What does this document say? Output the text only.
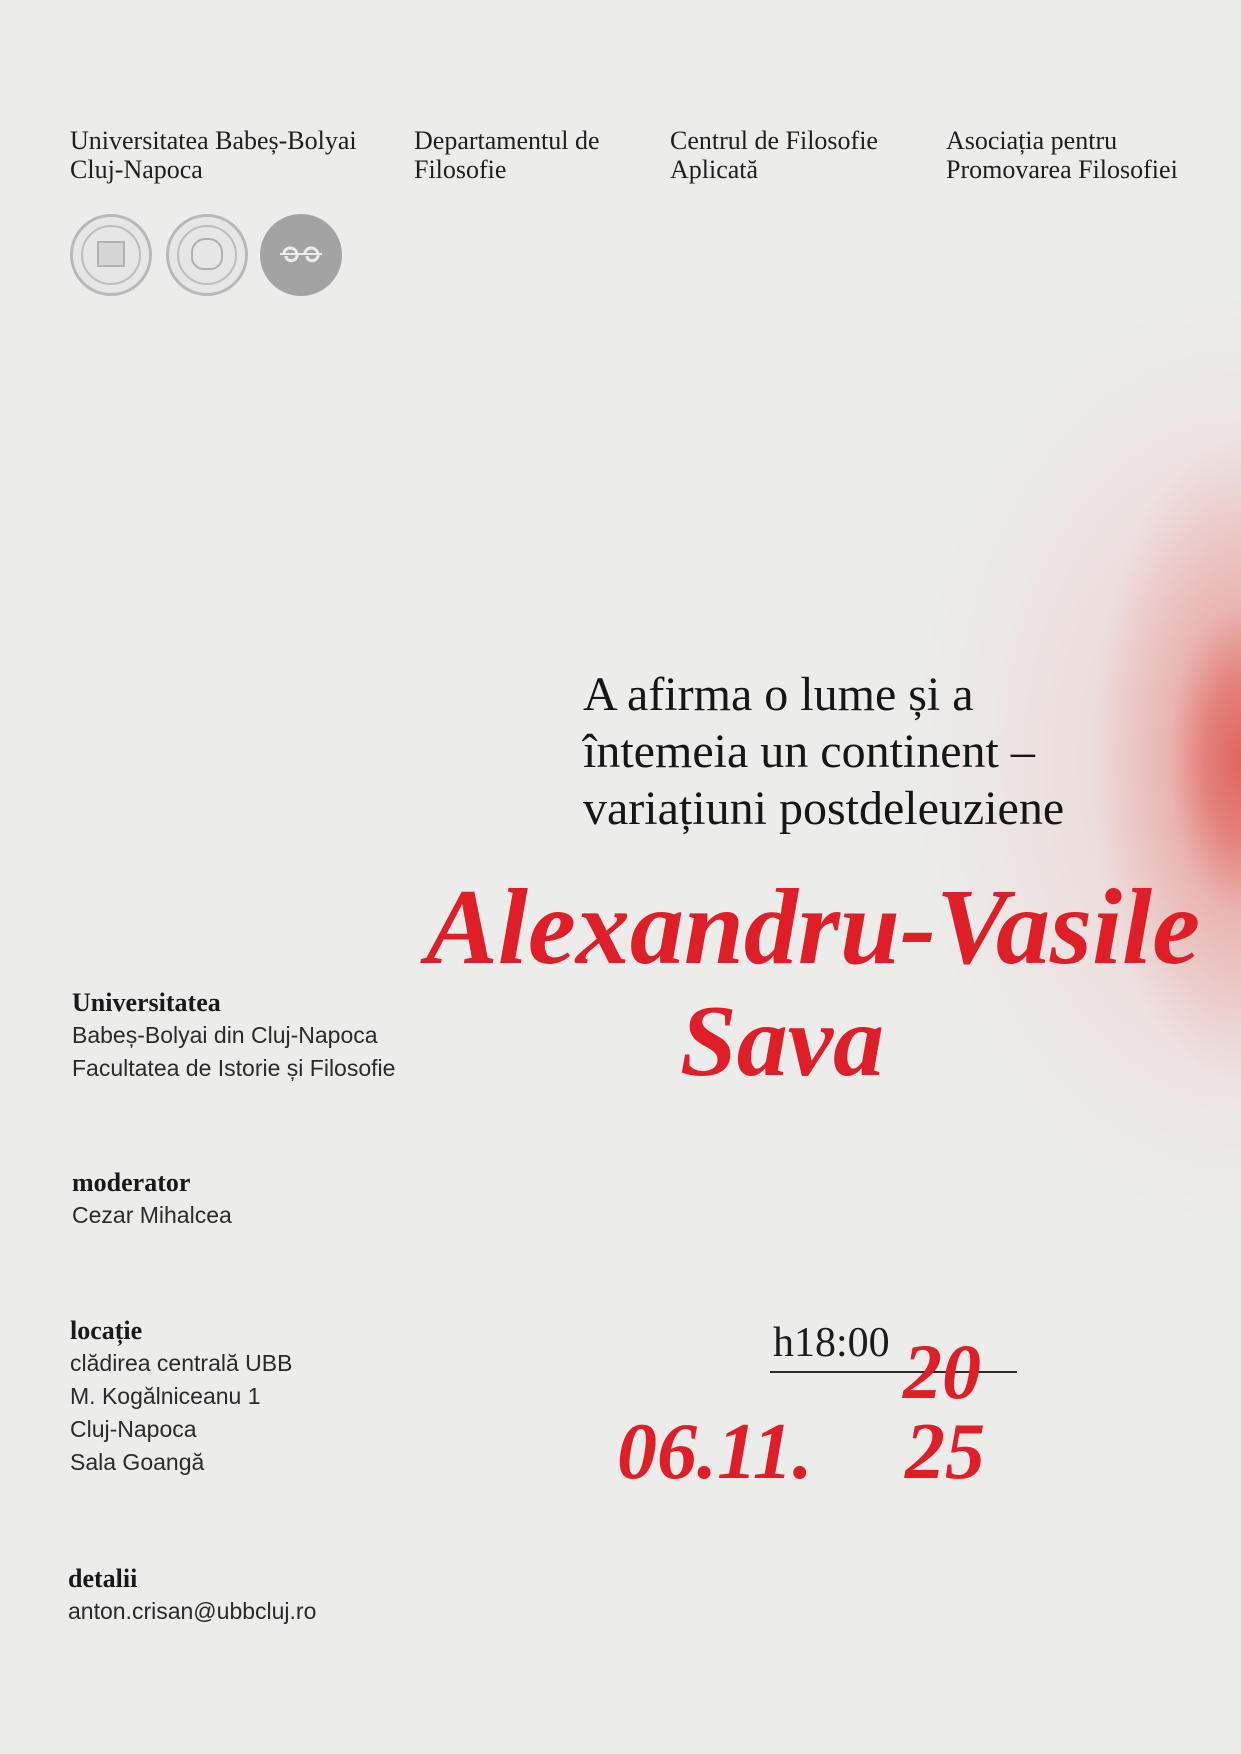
Universitatea Babeș-Bolyai
Cluj-Napoca
Departamentul de
Filosofie
Centrul de Filosofie
Aplicată
Asociația pentru
Promovarea Filosofiei
A afirma o lume și a
întemeia un continent –
variațiuni postdeleuziene
Alexandru-Vasile
Sava
Universitatea
Babeș-Bolyai din Cluj-Napoca
Facultatea de Istorie și Filosofie
moderator
Cezar Mihalcea
locație
clădirea centrală UBB
M. Kogălniceanu 1
Cluj-Napoca
Sala Goangă
detalii
anton.crisan@ubbcluj.ro
h18:00 20
06.11. 25
